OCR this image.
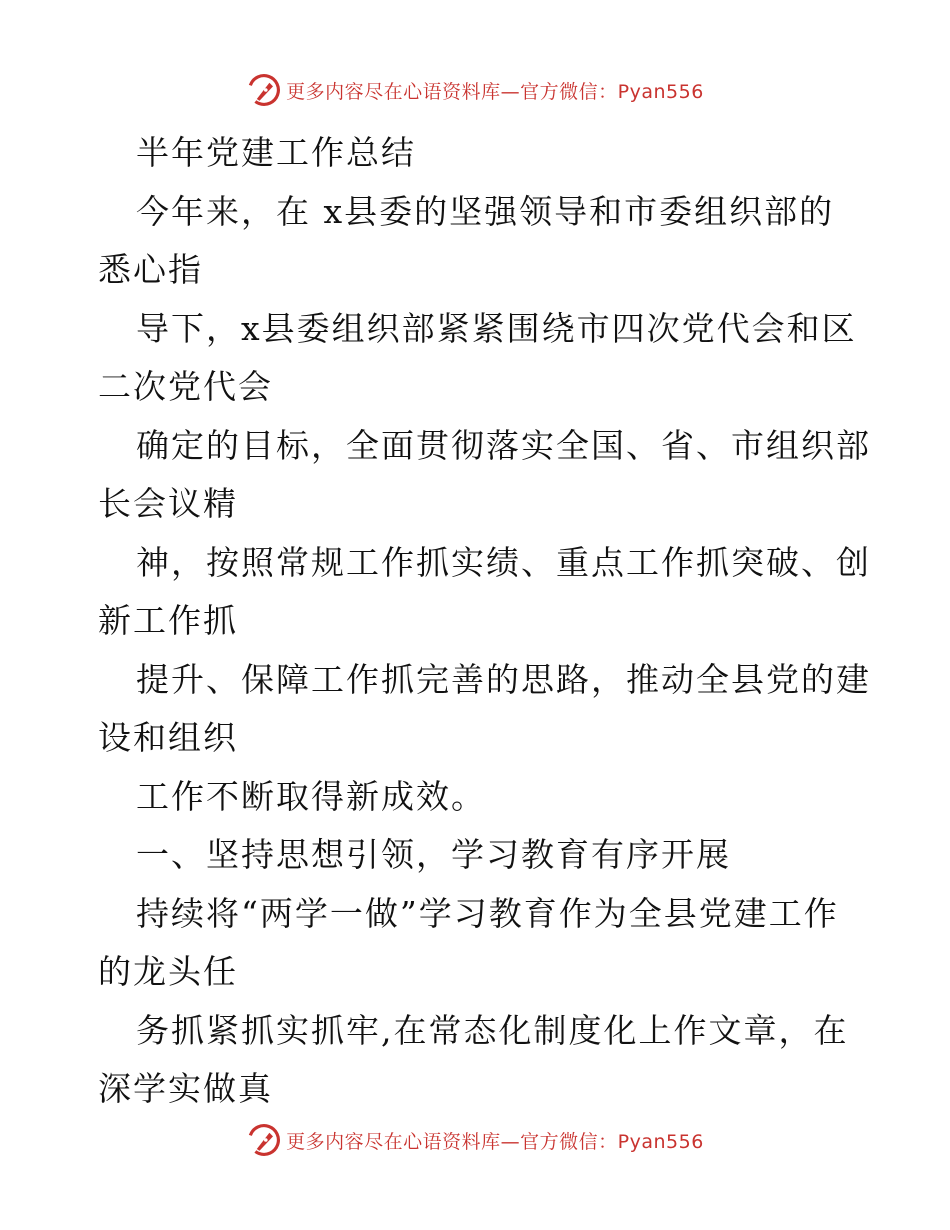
更多内容尽在心语资料库—官方微信：Pyan556
半年党建工作总结
今年来，在 x县委的坚强领导和市委组织部的
悉心指
导下，x县委组织部紧紧围绕市四次党代会和区
二次党代会
确定的目标，全面贯彻落实全国、省、市组织部
长会议精
神，按照常规工作抓实绩、重点工作抓突破、创
新工作抓
提升、保障工作抓完善的思路，推动全县党的建
设和组织
工作不断取得新成效。
一、坚持思想引领，学习教育有序开展
持续将“两学一做”学习教育作为全县党建工作
的龙头任
务抓紧抓实抓牢,在常态化制度化上作文章，在
深学实做真
更多内容尽在心语资料库—官方微信：Pyan556
